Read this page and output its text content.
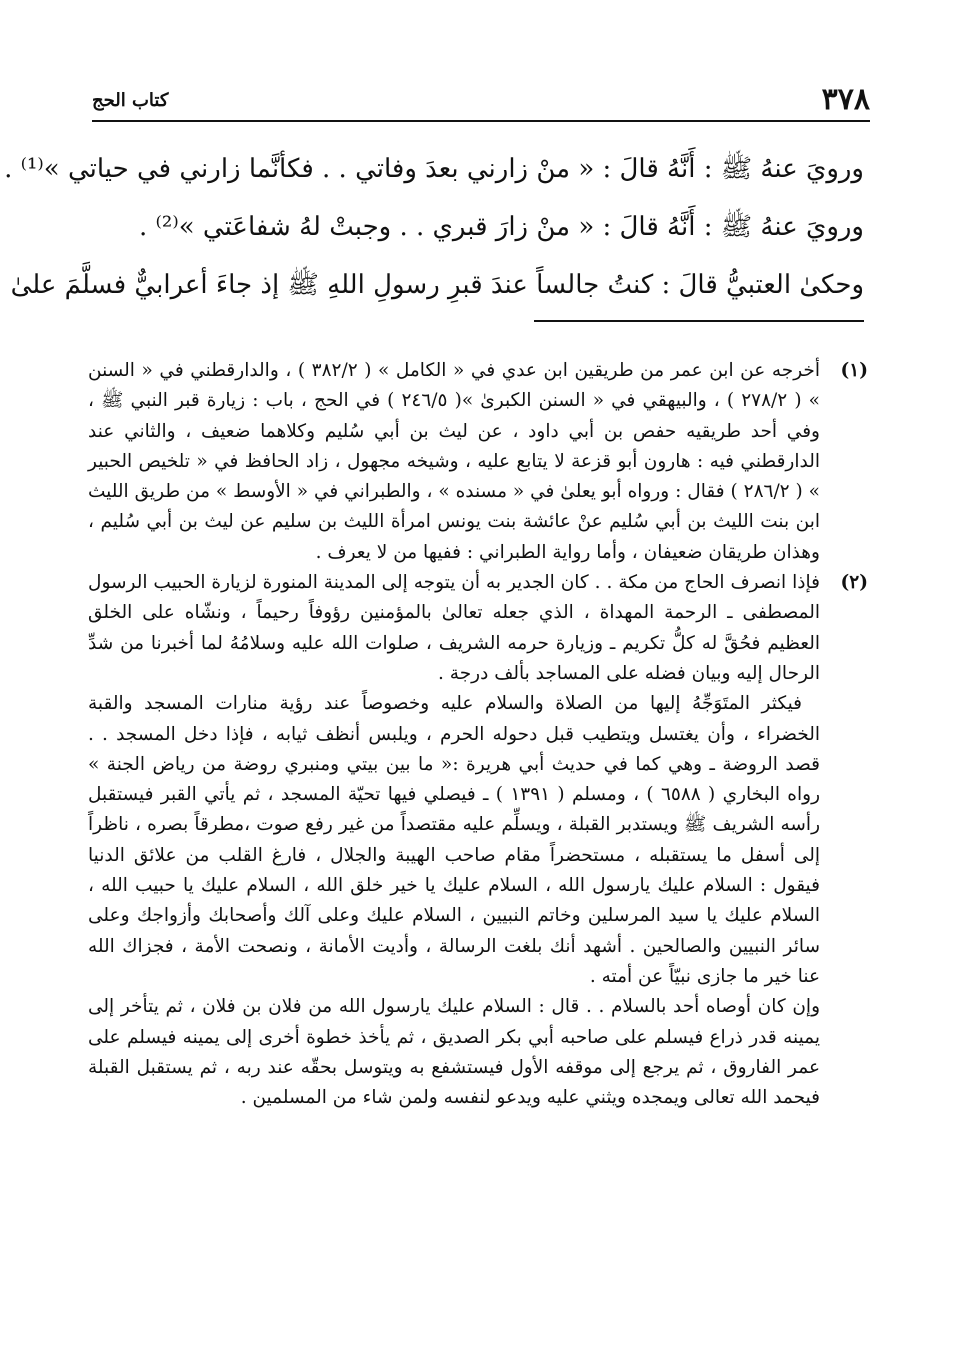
٣٧٨
كتاب الحج

ورويَ عنهُ ﷺ : أَنَّهُ قالَ : « منْ زارني بعدَ وفاتي . . فكأنَّما زارني في حياتي »⁽¹⁾ .

ورويَ عنهُ ﷺ : أَنَّهُ قالَ : « منْ زارَ قبري . . وجبتْ لهُ شفاعَتي »⁽²⁾ .

وحكىٰ العتبيُّ قالَ : كنتُ جالساً عندَ قبرِ رسولِ اللهِ ﷺ إذ جاءَ أعرابيٌّ فسلَّمَ علىٰ

(١)

أخرجه عن ابن عمر من طريقين ابن عدي في « الكامل » ( ٣٨٢/٢ ) ، والدارقطني في « السنن » ( ٢٧٨/٢ ) ، والبيهقي في « السنن الكبرىٰ »( ٢٤٦/٥ ) في الحج ، باب : زيارة قبر النبي ﷺ ، وفي أحد طريقيه حفص بن أبي داود ، عن ليث بن أبي سُليم وكلاهما ضعيف ، والثاني عند الدارقطني فيه : هارون أبو قزعة لا يتابع عليه ، وشيخه مجهول ، زاد الحافظ في « تلخيص الحبير » ( ٢٨٦/٢ ) فقال : ورواه أبو يعلىٰ في « مسنده » ، والطبراني في « الأوسط » من طريق الليث ابن بنت الليث بن أبي سُليم عنْ عائشة بنت يونس امرأة الليث بن سليم عن ليث بن أبي سُليم ، وهذان طريقان ضعيفان ، وأما رواية الطبراني : ففيها من لا يعرف .

(٢)

فإذا انصرف الحاج من مكة . . كان الجدير به أن يتوجه إلى المدينة المنورة لزيارة الحبيب الرسول المصطفى ـ الرحمة المهداة ، الذي جعله تعالىٰ بالمؤمنين رؤوفاً رحيماً ، ونشّاه على الخلق العظيم فحُقَّ له كلُّ تكريم ـ وزيارة حرمه الشريف ، صلوات الله عليه وسلامُهُ لما أخبرنا من شدِّ الرحال إليه وبيان فضله على المساجد بألف درجة .

فيكثر المتَوَجِّهُ إليها من الصلاة والسلام عليه وخصوصاً عند رؤية منارات المسجد والقبة الخضراء ، وأن يغتسل ويتطيب قبل دحوله الحرم ، ويلبس أنظف ثيابه ، فإذا دخل المسجد . . قصد الروضة ـ وهي كما في حديث أبي هريرة :« ما بين بيتي ومنبري روضة من رياض الجنة » رواه البخاري ( ٦٥٨٨ ) ، ومسلم ( ١٣٩١ ) ـ فيصلي فيها تحيّة المسجد ، ثم يأتي القبر فيستقبل رأسه الشريف ﷺ ويستدبر القبلة ، ويسلِّم عليه مقتصداً من غير رفع صوت ،مطرقاً بصره ، ناظراً إلى أسفل ما يستقبله ، مستحضراً مقام صاحب الهيبة والجلال ، فارغ القلب من علائق الدنيا فيقول : السلام عليك يارسول الله ، السلام عليك يا خير خلق الله ، السلام عليك يا حبيب الله ، السلام عليك يا سيد المرسلين وخاتم النبيين ، السلام عليك وعلى آلك وأصحابك وأزواجك وعلى سائر النبيين والصالحين . أشهد أنك بلغت الرسالة ، وأديت الأمانة ، ونصحت الأمة ، فجزاك الله عنا خير ما جازى نبيّاً عن أمته .

وإن كان أوصاه أحد بالسلام . . قال : السلام عليك يارسول الله من فلان بن فلان ، ثم يتأخر إلى يمينه قدر ذراع فيسلم على صاحبه أبي بكر الصديق ، ثم يأخذ خطوة أخرى إلى يمينه فيسلم على عمر الفاروق ، ثم يرجع إلى موقفه الأول فيستشفع به ويتوسل بحقّه عند ربه ، ثم يستقبل القبلة فيحمد الله تعالى ويمجده ويثني عليه ويدعو لنفسه ولمن شاء من المسلمين .
